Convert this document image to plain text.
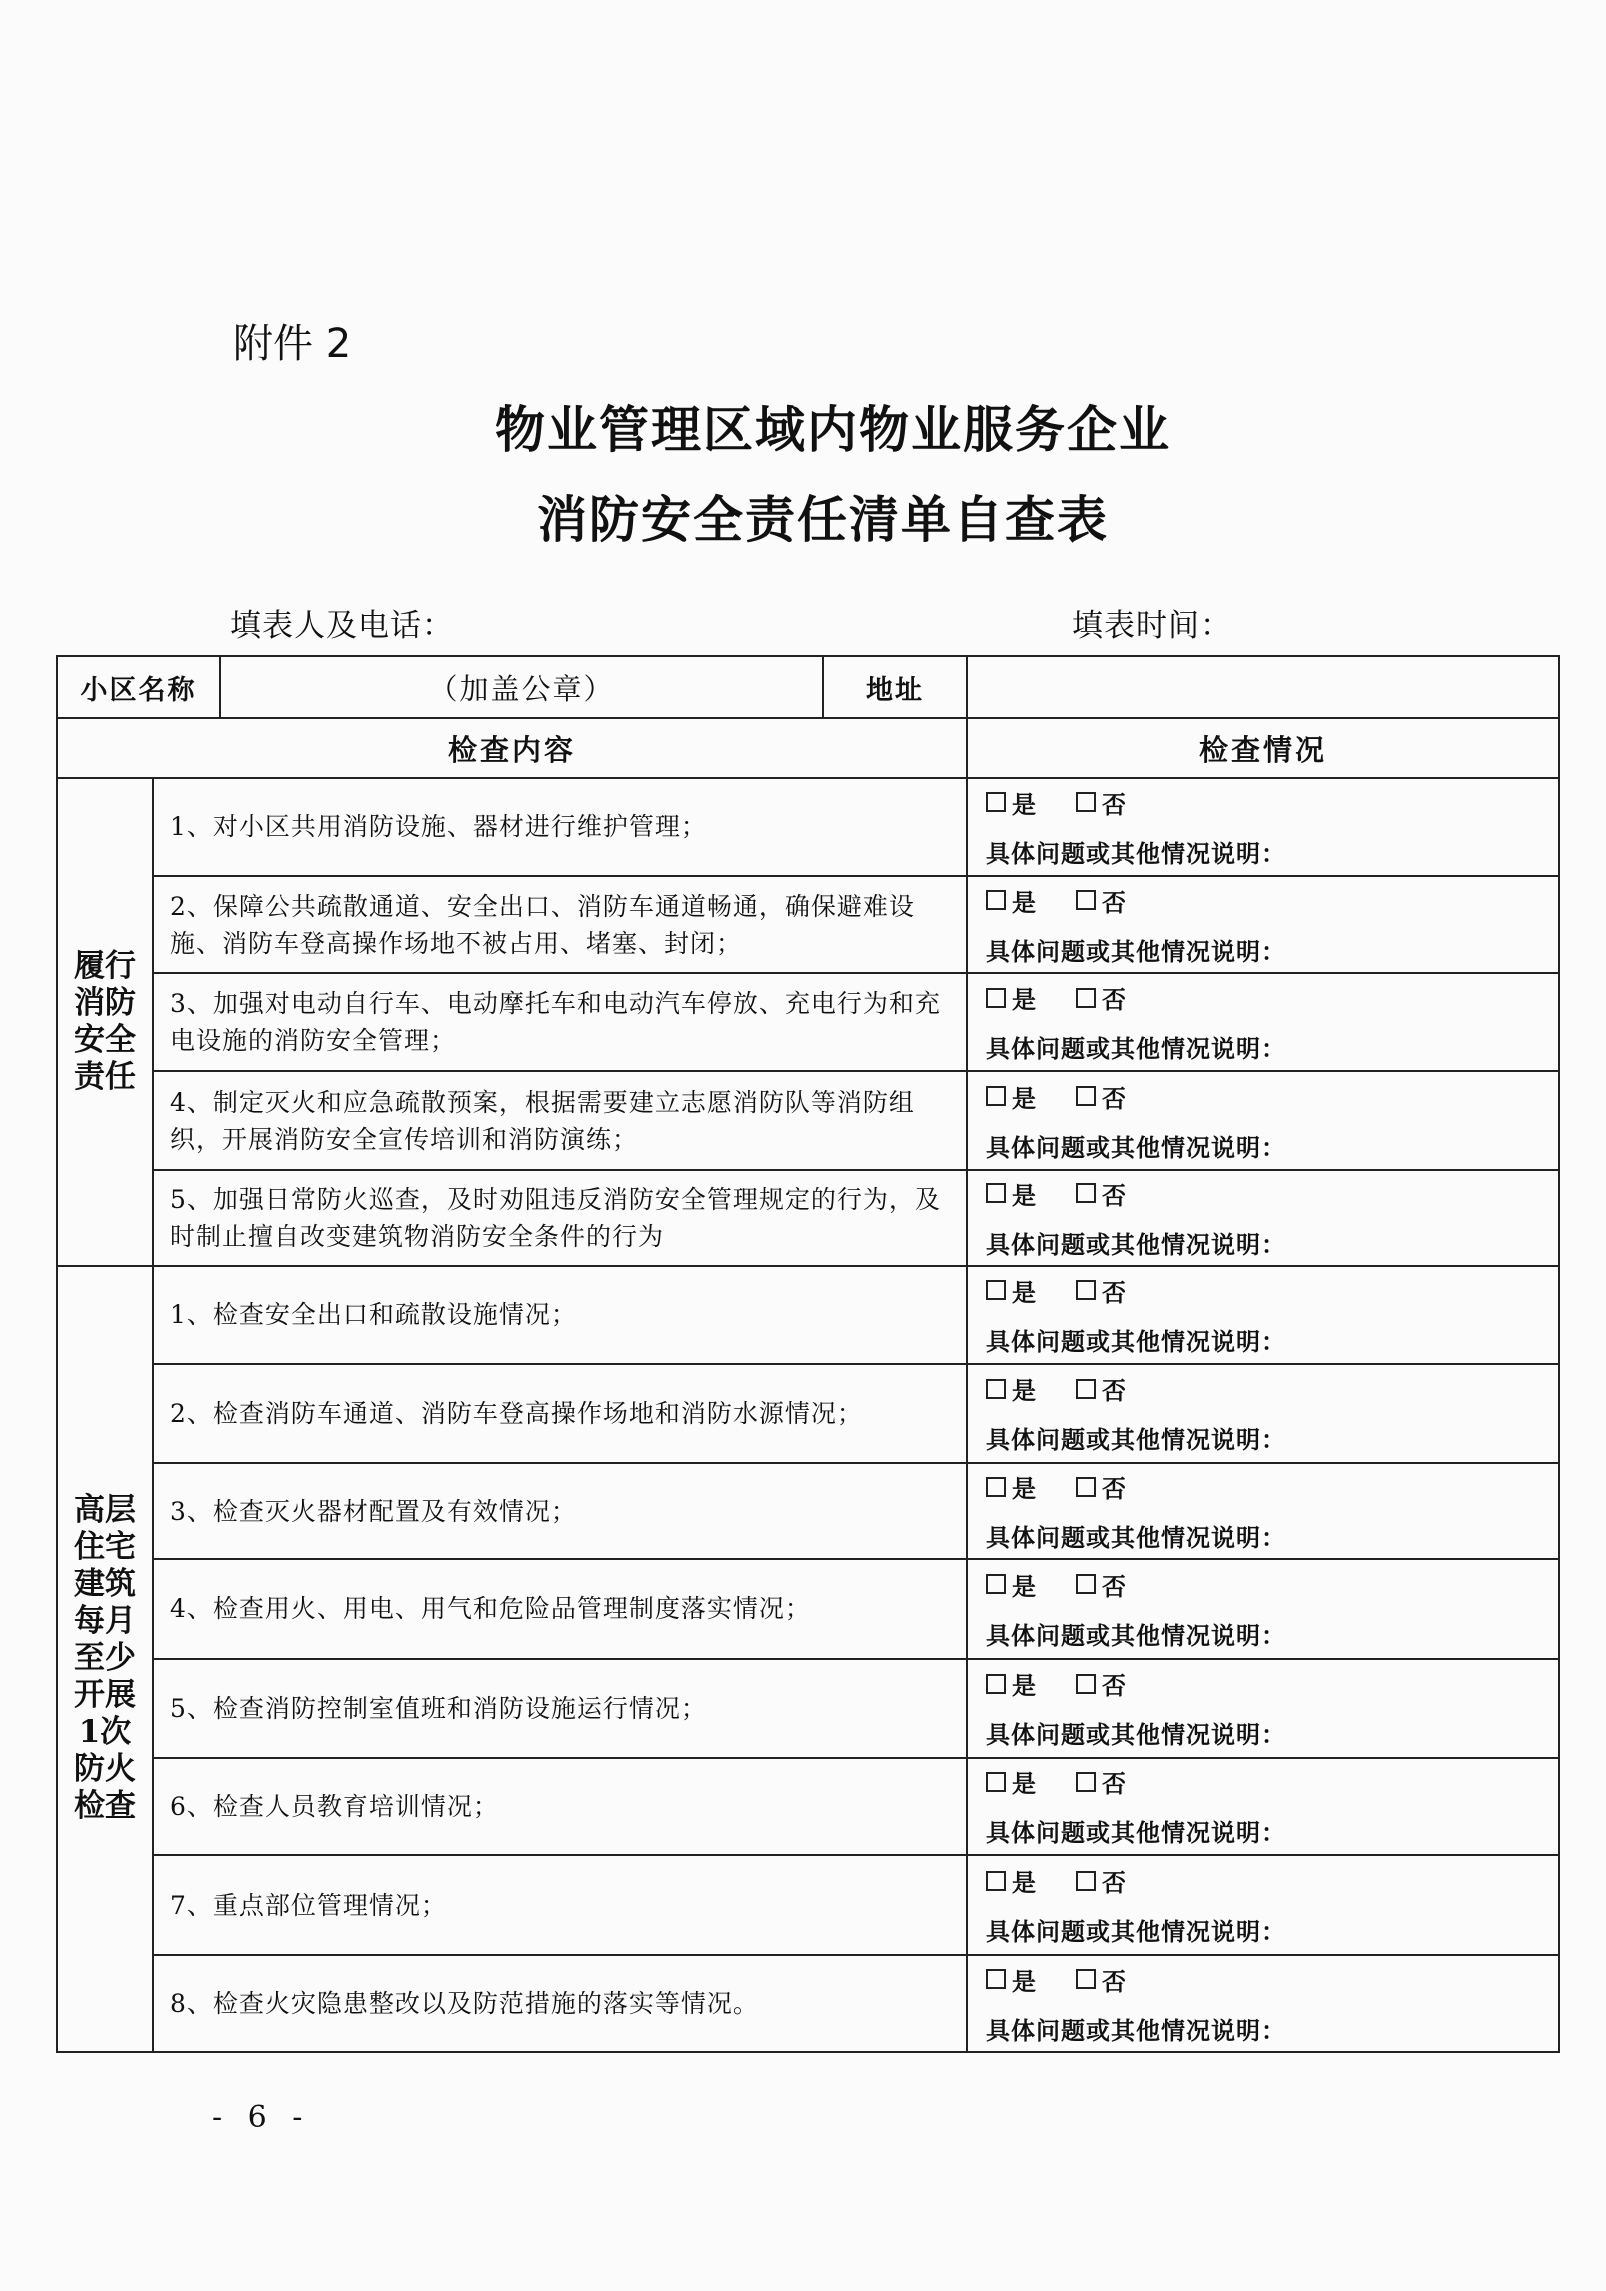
附件 2
物业管理区域内物业服务企业
消防安全责任清单自查表
填表人及电话：	填表时间：
小区名称		（加盖公章）	地址	
检查内容				检查情况
履行消防安全责任	1、对小区共用消防设施、器材进行维护管理；			是 否
具体问题或其他情况说明：

	2、保障公共疏散通道、安全出口、消防车通道畅通，确保避难设施、消防车登高操作场地不被占用、堵塞、封闭；			是 否
具体问题或其他情况说明：

	3、加强对电动自行车、电动摩托车和电动汽车停放、充电行为和充电设施的消防安全管理；			是 否
具体问题或其他情况说明：

	4、制定灭火和应急疏散预案，根据需要建立志愿消防队等消防组织，开展消防安全宣传培训和消防演练；			是 否
具体问题或其他情况说明：

	5、加强日常防火巡查，及时劝阻违反消防安全管理规定的行为，及时制止擅自改变建筑物消防安全条件的行为			是 否
具体问题或其他情况说明：

高层住宅建筑每月至少开展1次防火检查	1、检查安全出口和疏散设施情况；			是 否
具体问题或其他情况说明：

	2、检查消防车通道、消防车登高操作场地和消防水源情况；			是 否
具体问题或其他情况说明：

	3、检查灭火器材配置及有效情况；			是 否
具体问题或其他情况说明：

	4、检查用火、用电、用气和危险品管理制度落实情况；			是 否
具体问题或其他情况说明：

	5、检查消防控制室值班和消防设施运行情况；			是 否
具体问题或其他情况说明：

	6、检查人员教育培训情况；			是 否
具体问题或其他情况说明：

	7、重点部位管理情况；			是 否
具体问题或其他情况说明：

	8、检查火灾隐患整改以及防范措施的落实等情况。			是 否
具体问题或其他情况说明：
- 6 -
